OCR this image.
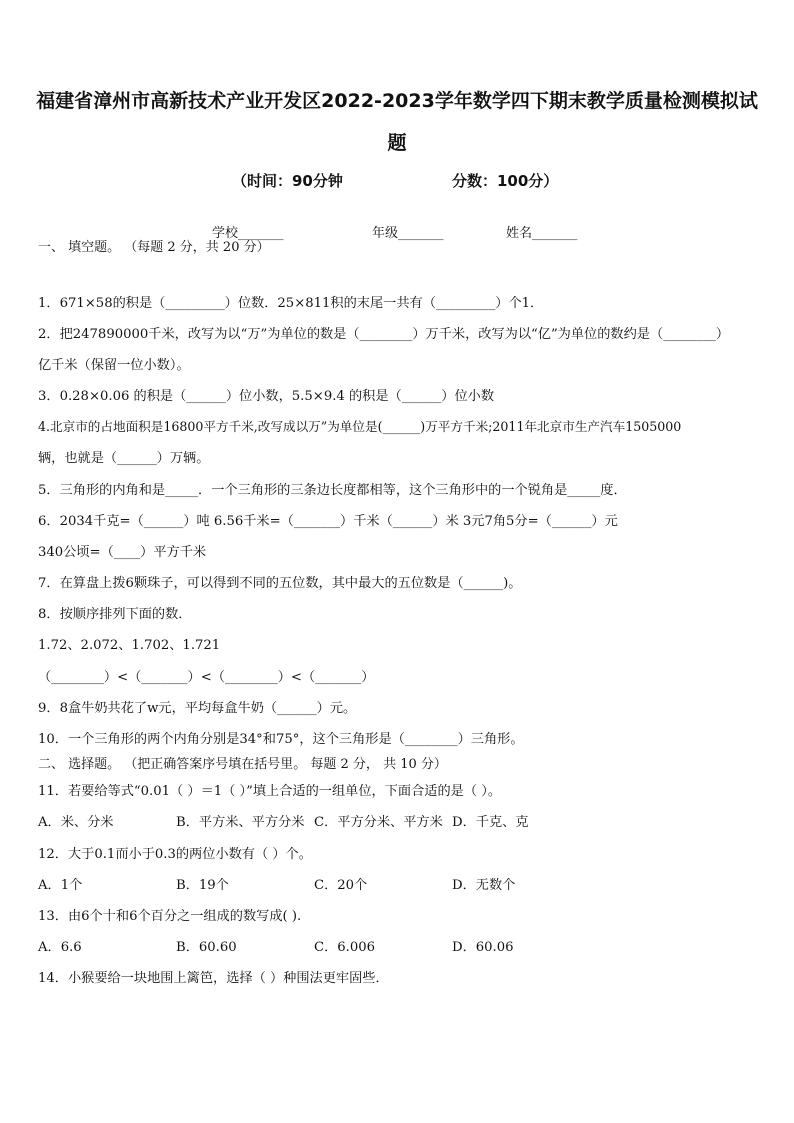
福建省漳州市高新技术产业开发区2022-2023学年数学四下期末教学质量检测模拟试
题
（时间：90分钟	分数：100分）
学校_______	年级_______	姓名_______
一、 填空题。 （每题 2 分，共 20 分）
1．671×58的积是（_________）位数．25×811积的末尾一共有（_________）个1．
2．把247890000千米，改写为以“万”为单位的数是（________）万千米，改写为以“亿”为单位的数约是（________）
亿千米（保留一位小数）。
3．0.28×0.06 的积是（______）位小数，5.5×9.4 的积是（______）位小数
4.北京市的占地面积是16800平方千米,改写成以万”为单位是(______)万平方千米;2011年北京市生产汽车1505000
辆，也就是（______）万辆。
5．三角形的内角和是_____．一个三角形的三条边长度都相等，这个三角形中的一个锐角是_____度．
6．2034千克=（______）吨 6.56千米=（_______）千米（______）米 3元7角5分=（______）元
340公顷=（____）平方千米
7．在算盘上拨6颗珠子，可以得到不同的五位数，其中最大的五位数是（______)。
8．按顺序排列下面的数．
1.72、2.072、1.702、1.721
（________）<（_______）<（________）<（_______）
9．8盒牛奶共花了w元，平均每盒牛奶（______）元。
10．一个三角形的两个内角分别是34°和75°，这个三角形是（________）三角形。
二、 选择题。 （把正确答案序号填在括号里。 每题 2 分， 共 10 分）
11．若要给等式“0.01（ ）＝1（ ）”填上合适的一组单位，下面合适的是（ ）。
A．米、分米	B．平方米、平方分米 C．平方分米、平方米 D．千克、克
12．大于0.1而小于0.3的两位小数有（ ）个。
A．1个	B．19个	C．20个	D．无数个
13．由6个十和6个百分之一组成的数写成( ).
A．6.6	B．60.60	C．6.006	D．60.06
14．小猴要给一块地围上篱笆，选择（ ）种围法更牢固些．
